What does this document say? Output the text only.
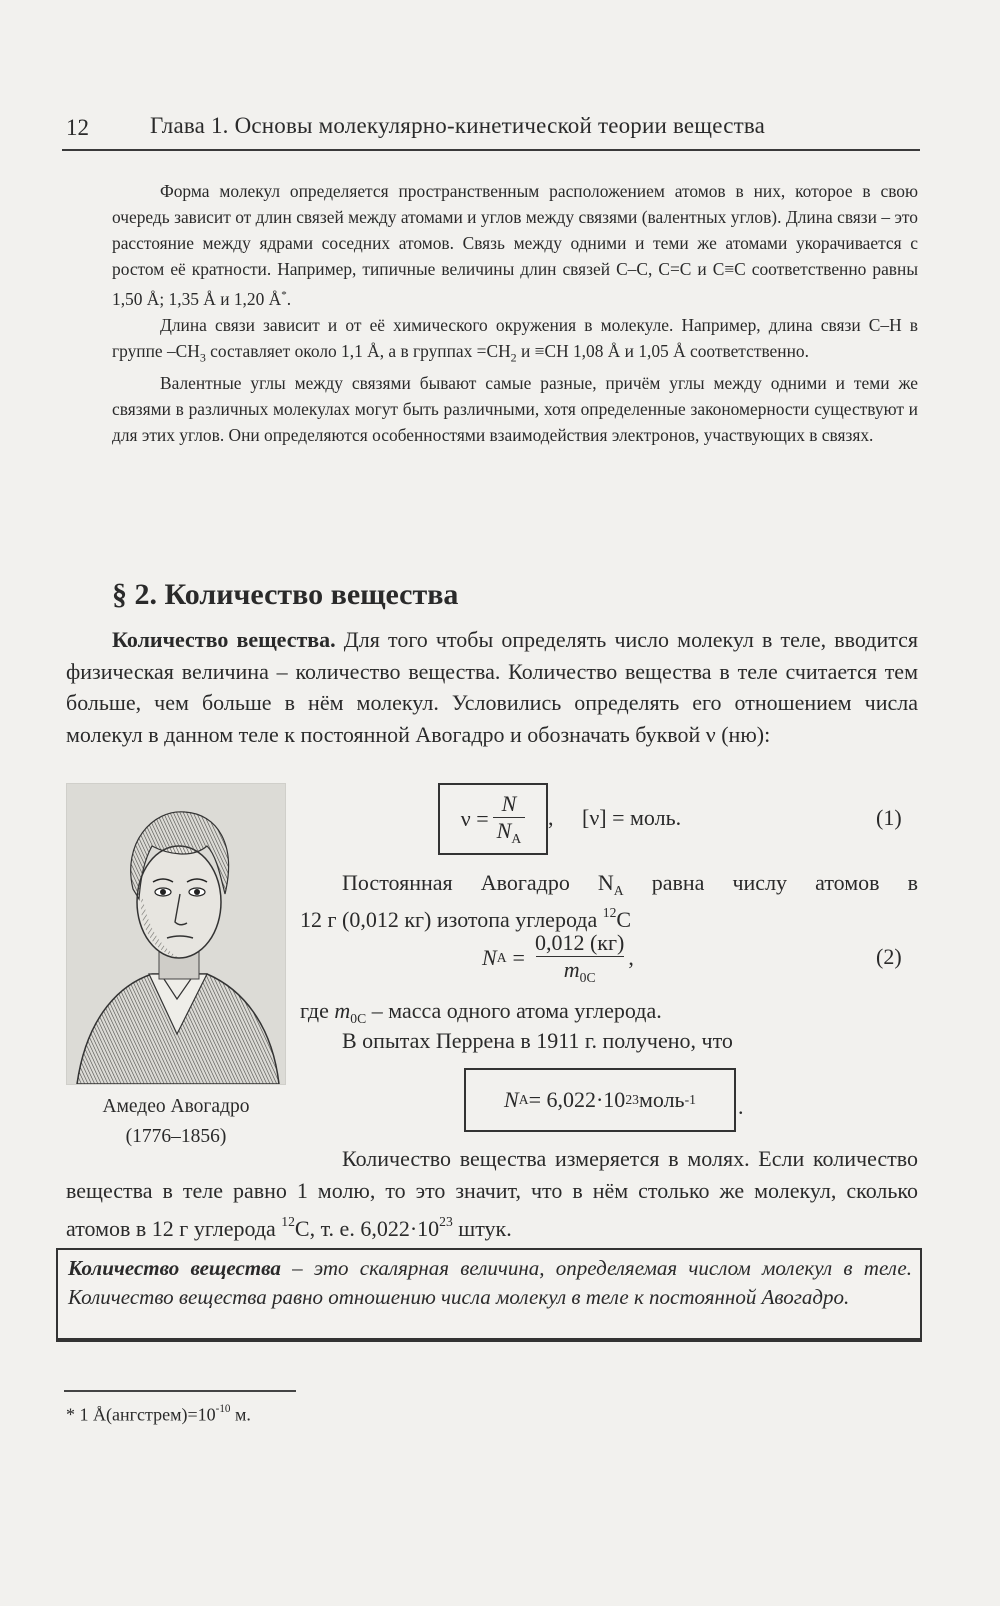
12	Глава 1. Основы молекулярно-кинетической теории вещества

Форма молекул определяется пространственным расположением атомов в них, которое в свою очередь зависит от длин связей между атомами и углов между связями (валентных углов). Длина связи – это расстояние между ядрами соседних атомов. Связь между одними и теми же атомами укорачивается с ростом её кратности. Например, типичные величины длин связей С–С, С=С и С≡С соответственно равны 1,50 Å; 1,35 Å и 1,20 Å*.

Длина связи зависит и от её химического окружения в молекуле. Например, длина связи С–Н в группе $-СН_3$ составляет около 1,1 Å, а в группах $=СН_2$ и ≡СН 1,08 Å и 1,05 Å соответственно.

Валентные углы между связями бывают самые разные, причём углы между одними и теми же связями в различных молекулах могут быть различными, хотя определенные закономерности существуют и для этих углов. Они определяются особенностями взаимодействия электронов, участвующих в связях.

§ 2. Количество вещества
Количество вещества. Для того чтобы определять число молекул в теле, вводится физическая величина – количество вещества. Количество вещества в теле считается тем больше, чем больше в нём молекул. Условились определять его отношением числа молекул в данном теле к постоянной Авогадро и обозначать буквой ν (ню):
Амедео Авогадро
(1776–1856)
$\nu = \frac{N}{N_A}$ , [ν] = моль.	(1)
Постоянная Авогадро $N_A$ равна числу атомов в
12 г (0,012 кг) изотопа углерода $^{12}$С
N $A = \frac{0,012 (кг)}{m_{0C}}$ ,	(2)
где $m_{0C}$ – масса одного атома углерода.
В опытах Перрена в 1911 г. получено, что
N A = 6,022·10 23 моль -1 .
Количество вещества измеряется в молях. Если количество вещества в теле равно 1 молю, то это значит, что в нём столько же молекул, сколько атомов в 12 г углерода $^{12}$С, т. е. $6,022\cdot 10^{23}$ штук.
Количество вещества – это скалярная величина, определяемая числом молекул в теле. Количество вещества равно отношению числа молекул в теле к постоянной Авогадро.
* 1 $Å(ангстрем)=10^{-10}$ м.
